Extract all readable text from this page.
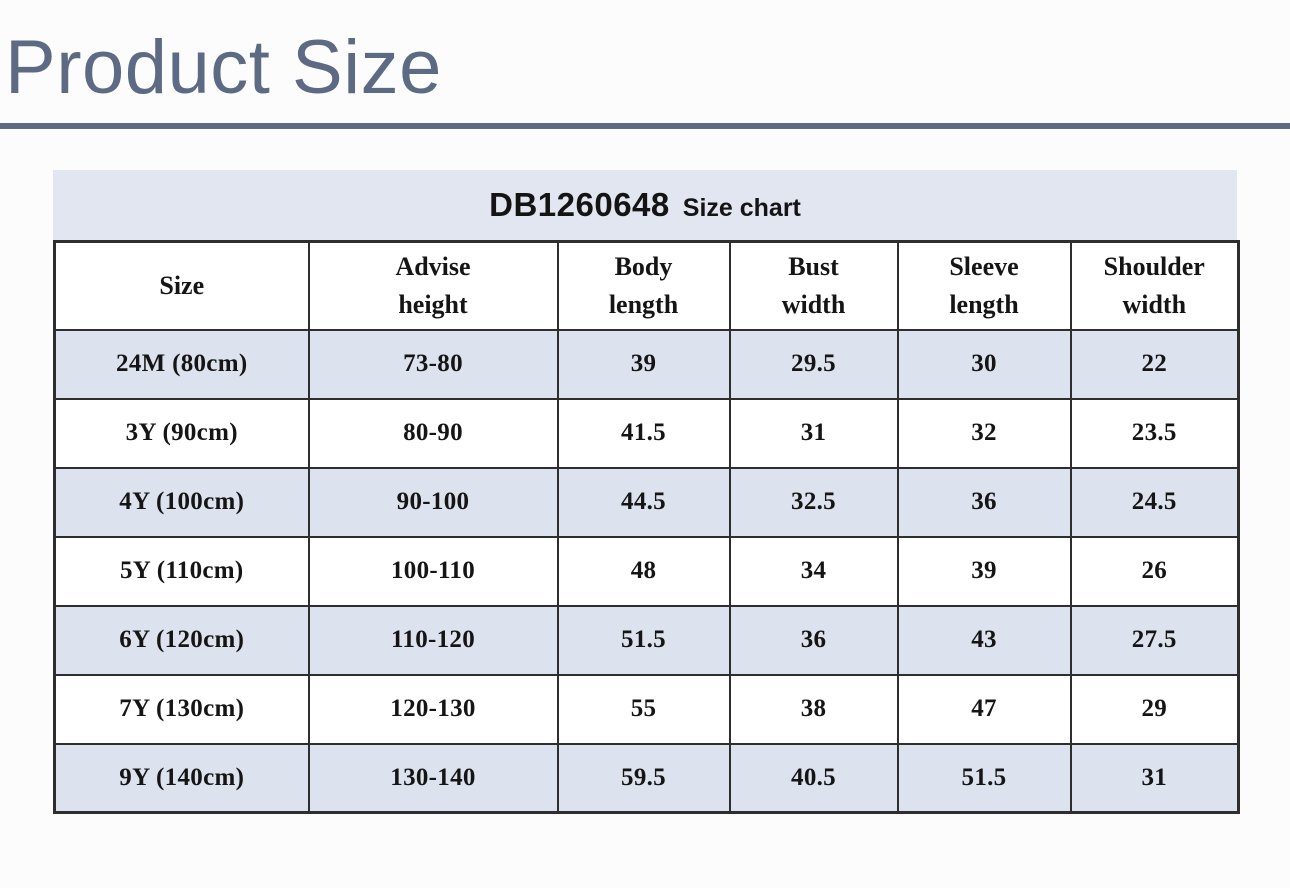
Product Size
DB1260648 Size chart
Size	Advise height	Body length	Bust width	Sleeve length	Shoulder width
24M (80cm)	73-80	39	29.5	30	22
3Y (90cm)	80-90	41.5	31	32	23.5
4Y (100cm)	90-100	44.5	32.5	36	24.5
5Y (110cm)	100-110	48	34	39	26
6Y (120cm)	110-120	51.5	36	43	27.5
7Y (130cm)	120-130	55	38	47	29
9Y (140cm)	130-140	59.5	40.5	51.5	31
